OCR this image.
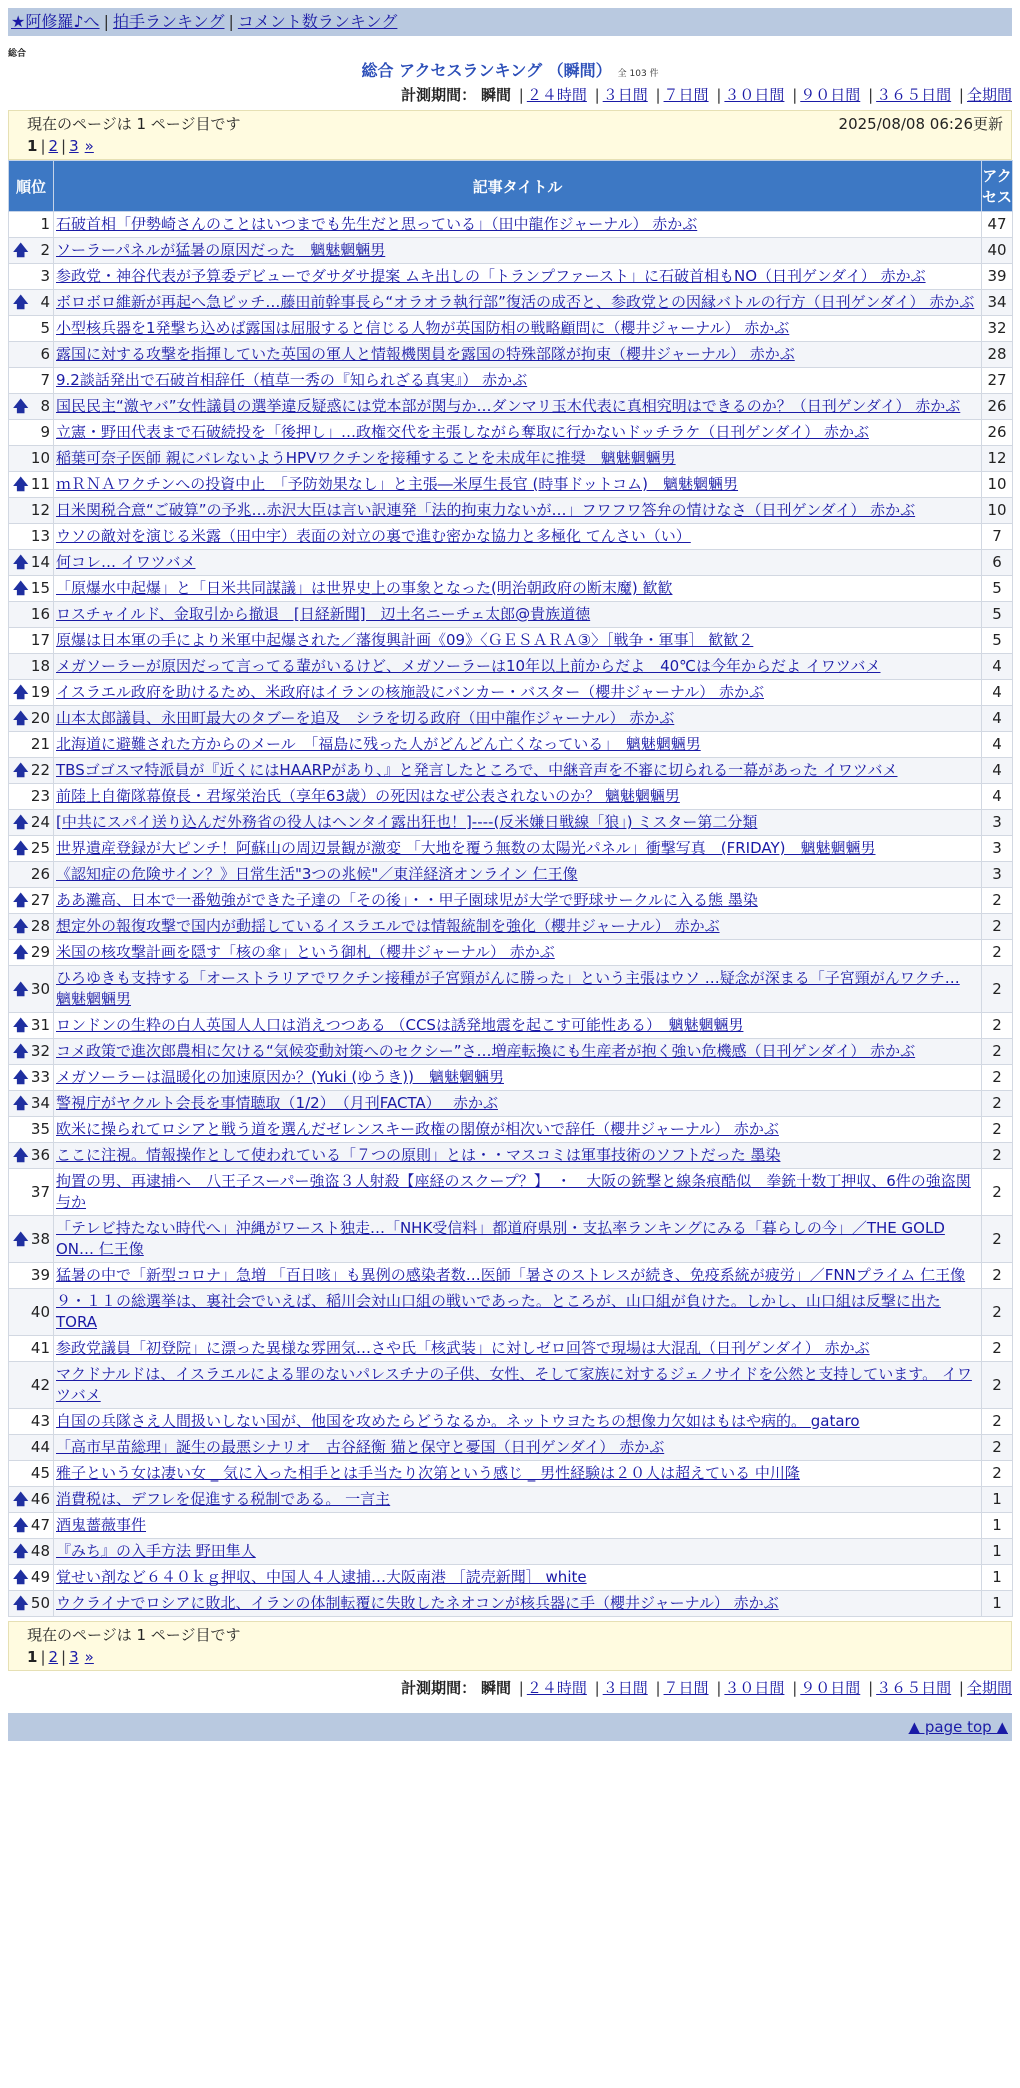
★阿修羅♪へ | 拍手ランキング | コメント数ランキング
総合
総合 アクセスランキング （瞬間） 全 103 件
計測期間： 瞬間 | ２４時間 | ３日間 | ７日間 | ３０日間 | ９０日間 | ３６５日間 | 全期間
現在のページは 1 ページ目です	2025/08/08 06:26更新
1 | 2 | 3 »
順位	記事タイトル	アクセス
1	石破首相「伊勢崎さんのことはいつまでも先生だと思っている」（田中龍作ジャーナル） 赤かぶ	47

🡅 2	ソーラーパネルが猛暑の原因だった　魑魅魍魎男	40
3	参政党・神谷代表が予算委デビューでダサダサ提案 ムキ出しの「トランプファースト」に石破首相もNO（日刊ゲンダイ） 赤かぶ	39

🡅 4	ボロボロ維新が再起へ急ピッチ…藤田前幹事長ら“オラオラ執行部”復活の成否と、参政党との因縁バトルの行方（日刊ゲンダイ） 赤かぶ	34
5	小型核兵器を1発撃ち込めば露国は屈服すると信じる人物が英国防相の戦略顧問に（櫻井ジャーナル） 赤かぶ	32
6	露国に対する攻撃を指揮していた英国の軍人と情報機関員を露国の特殊部隊が拘束（櫻井ジャーナル） 赤かぶ	28
7	9.2談話発出で石破首相辞任（植草一秀の『知られざる真実』） 赤かぶ	27

🡅 8	国民民主“激ヤバ”女性議員の選挙違反疑惑には党本部が関与か…ダンマリ玉木代表に真相究明はできるのか？（日刊ゲンダイ） 赤かぶ	26
9	立憲・野田代表まで石破続投を「後押し」…政権交代を主張しながら奪取に行かないドッチラケ（日刊ゲンダイ） 赤かぶ	26
10	稲葉可奈子医師 親にバレないようHPVワクチンを接種することを未成年に推奨　魑魅魍魎男	12

🡅 11	ｍＲＮＡワクチンへの投資中止　「予防効果なし」と主張―米厚生長官 (時事ドットコム)　魑魅魍魎男	10
12	日米関税合意“ご破算”の予兆…赤沢大臣は言い訳連発「法的拘束力ないが…」フワフワ答弁の情けなさ（日刊ゲンダイ） 赤かぶ	10
13	ウソの敵対を演じる米露（田中宇）表面の対立の裏で進む密かな協力と多極化 てんさい（い）	7

🡅 14	何コレ… イワツバメ	6

🡅 15	「原爆水中起爆」と「日米共同謀議」は世界史上の事象となった(明治朝政府の断末魔) 歓歓	5
16	ロスチャイルド、金取引から撤退　[日経新聞]　辺土名ニーチェ太郎@貴族道徳	5
17	原爆は日本軍の手により米軍中起爆された／藩復興計画《09》〈ＧＥＳＡＲＡ③〉［戦争・軍事］ 歓歓２	5
18	メガソーラーが原因だって言ってる輩がいるけど、メガソーラーは10年以上前からだよ　40℃は今年からだよ イワツバメ	4

🡅 19	イスラエル政府を助けるため、米政府はイランの核施設にバンカー・バスター（櫻井ジャーナル） 赤かぶ	4

🡅 20	山本太郎議員、永田町最大のタブーを追及　シラを切る政府（田中龍作ジャーナル） 赤かぶ	4
21	北海道に避難された方からのメール　「福島に残った人がどんどん亡くなっている」　魑魅魍魎男	4

🡅 22	TBSゴゴスマ特派員が『近くにはHAARPがあり、』と発言したところで、中継音声を不審に切られる一幕があった イワツバメ	4
23	前陸上自衛隊幕僚長・君塚栄治氏（享年63歳）の死因はなぜ公表されないのか？ 魑魅魍魎男	4

🡅 24	[中共にスパイ送り込んだ外務省の役人はヘンタイ露出狂也！]----(反米嫌日戦線「狼」) ミスター第二分類	3

🡅 25	世界遺産登録が大ピンチ！阿蘇山の周辺景観が激変 「大地を覆う無数の太陽光パネル」衝撃写真　(FRIDAY)　魑魅魍魎男	3
26	《認知症の危険サイン？》日常生活"3つの兆候"／東洋経済オンライン 仁王像	3

🡅 27	ああ灘高、日本で一番勉強ができた子達の「その後」・・甲子園球児が大学で野球サークルに入る態 墨染	2

🡅 28	想定外の報復攻撃で国内が動揺しているイスラエルでは情報統制を強化（櫻井ジャーナル） 赤かぶ	2

🡅 29	米国の核攻撃計画を隠す「核の傘」という御札（櫻井ジャーナル） 赤かぶ	2

🡅 30	ひろゆきも支持する「オーストラリアでワクチン接種が子宮頸がんに勝った」という主張はウソ …疑念が深まる「子宮頸がんワクチ… 魑魅魍魎男	2

🡅 31	ロンドンの生粋の白人英国人人口は消えつつある （CCSは誘発地震を起こす可能性ある）　魑魅魍魎男	2

🡅 32	コメ政策で進次郎農相に欠ける“気候変動対策へのセクシー”さ…増産転換にも生産者が抱く強い危機感（日刊ゲンダイ） 赤かぶ	2

🡅 33	メガソーラーは温暖化の加速原因か？(Yuki (ゆうき))　魑魅魍魎男	2

🡅 34	警視庁がヤクルト会長を事情聴取（1/2）　（月刊FACTA）　 赤かぶ	2
35	欧米に操られてロシアと戦う道を選んだゼレンスキー政権の閣僚が相次いで辞任（櫻井ジャーナル） 赤かぶ	2

🡅 36	ここに注視。情報操作として使われている「７つの原則」とは・・マスコミは軍事技術のソフトだった 墨染	2
37	拘置の男、再逮捕へ　八王子スーパー強盗３人射殺【座経のスクープ？】　・　大阪の銃撃と線条痕酷似　拳銃十数丁押収、6件の強盗関与か	2

🡅 38	「テレビ持たない時代へ」沖縄がワースト独走…「NHK受信料」都道府県別・支払率ランキングにみる「暮らしの今」／THE GOLD ON… 仁王像	2
39	猛暑の中で「新型コロナ」急増 「百日咳」も異例の感染者数…医師「暑さのストレスが続き、免疫系統が疲労」／FNNプライム 仁王像	2
40	９・１１の総選挙は、裏社会でいえば、稲川会対山口組の戦いであった。ところが、山口組が負けた。しかし、山口組は反撃に出た TORA	2
41	参政党議員「初登院」に漂った異様な雰囲気…さや氏「核武装」に対しゼロ回答で現場は大混乱（日刊ゲンダイ） 赤かぶ	2
42	マクドナルドは、イスラエルによる罪のないパレスチナの子供、女性、そして家族に対するジェノサイドを公然と支持しています。 イワツバメ	2
43	自国の兵隊さえ人間扱いしない国が、他国を攻めたらどうなるか。ネットウヨたちの想像力欠如はもはや病的。 gataro	2
44	「高市早苗総理」誕生の最悪シナリオ　古谷経衡 猫と保守と憂国（日刊ゲンダイ） 赤かぶ	2
45	雅子という女は凄い女 _ 気に入った相手とは手当たり次第という感じ _ 男性経験は２０人は超えている 中川隆	2

🡅 46	消費税は、デフレを促進する税制である。 一言主	1

🡅 47	酒鬼薔薇事件	1

🡅 48	『みち』の入手方法 野田隼人	1

🡅 49	覚せい剤など６４０ｋｇ押収、中国人４人逮捕…大阪南港 ［読売新聞］ white	1

🡅 50	ウクライナでロシアに敗北、イランの体制転覆に失敗したネオコンが核兵器に手（櫻井ジャーナル） 赤かぶ	1
現在のページは 1 ページ目です
1 | 2 | 3 »
計測期間： 瞬間 | ２４時間 | ３日間 | ７日間 | ３０日間 | ９０日間 | ３６５日間 | 全期間
▲ page top ▲
